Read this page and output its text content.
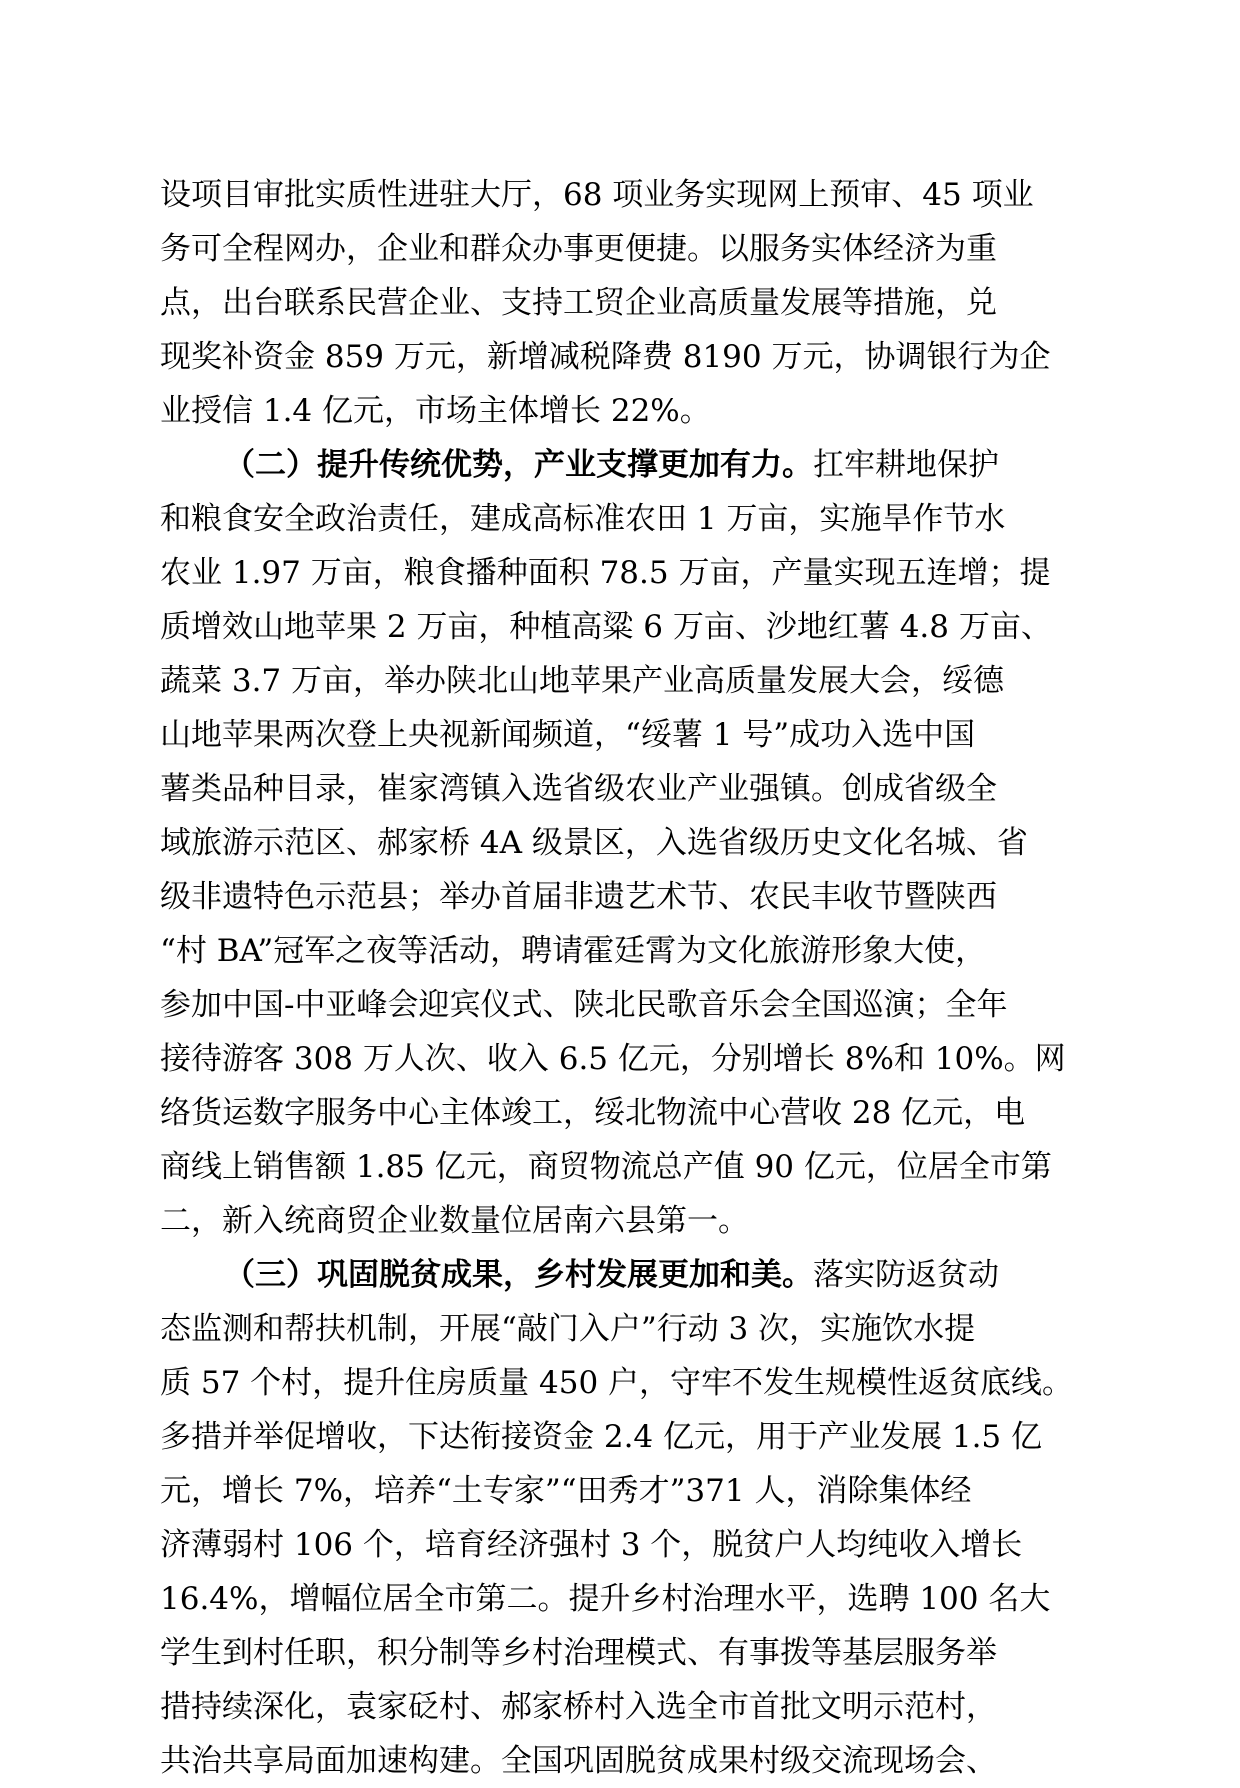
设项目审批实质性进驻大厅，68 项业务实现网上预审、45 项业
务可全程网办，企业和群众办事更便捷。以服务实体经济为重
点，出台联系民营企业、支持工贸企业高质量发展等措施，兑
现奖补资金 859 万元，新增减税降费 8190 万元，协调银行为企
业授信 1.4 亿元，市场主体增长 22%。
（二）提升传统优势，产业支撑更加有力。扛牢耕地保护
和粮食安全政治责任，建成高标准农田 1 万亩，实施旱作节水
农业 1.97 万亩，粮食播种面积 78.5 万亩，产量实现五连增；提
质增效山地苹果 2 万亩，种植高粱 6 万亩、沙地红薯 4.8 万亩、
蔬菜 3.7 万亩，举办陕北山地苹果产业高质量发展大会，绥德
山地苹果两次登上央视新闻频道，“绥薯 1 号”成功入选中国
薯类品种目录，崔家湾镇入选省级农业产业强镇。创成省级全
域旅游示范区、郝家桥 4A 级景区，入选省级历史文化名城、省
级非遗特色示范县；举办首届非遗艺术节、农民丰收节暨陕西
“村 BA”冠军之夜等活动，聘请霍廷霄为文化旅游形象大使，
参加中国-中亚峰会迎宾仪式、陕北民歌音乐会全国巡演；全年
接待游客 308 万人次、收入 6.5 亿元，分别增长 8%和 10%。网
络货运数字服务中心主体竣工，绥北物流中心营收 28 亿元，电
商线上销售额 1.85 亿元，商贸物流总产值 90 亿元，位居全市第
二，新入统商贸企业数量位居南六县第一。
（三）巩固脱贫成果，乡村发展更加和美。落实防返贫动
态监测和帮扶机制，开展“敲门入户”行动 3 次，实施饮水提
质 57 个村，提升住房质量 450 户，守牢不发生规模性返贫底线。
多措并举促增收，下达衔接资金 2.4 亿元，用于产业发展 1.5 亿
元，增长 7%，培养“土专家”“田秀才”371 人，消除集体经
济薄弱村 106 个，培育经济强村 3 个，脱贫户人均纯收入增长
16.4%，增幅位居全市第二。提升乡村治理水平，选聘 100 名大
学生到村任职，积分制等乡村治理模式、有事拨等基层服务举
措持续深化，袁家砭村、郝家桥村入选全市首批文明示范村，
共治共享局面加速构建。全国巩固脱贫成果村级交流现场会、
